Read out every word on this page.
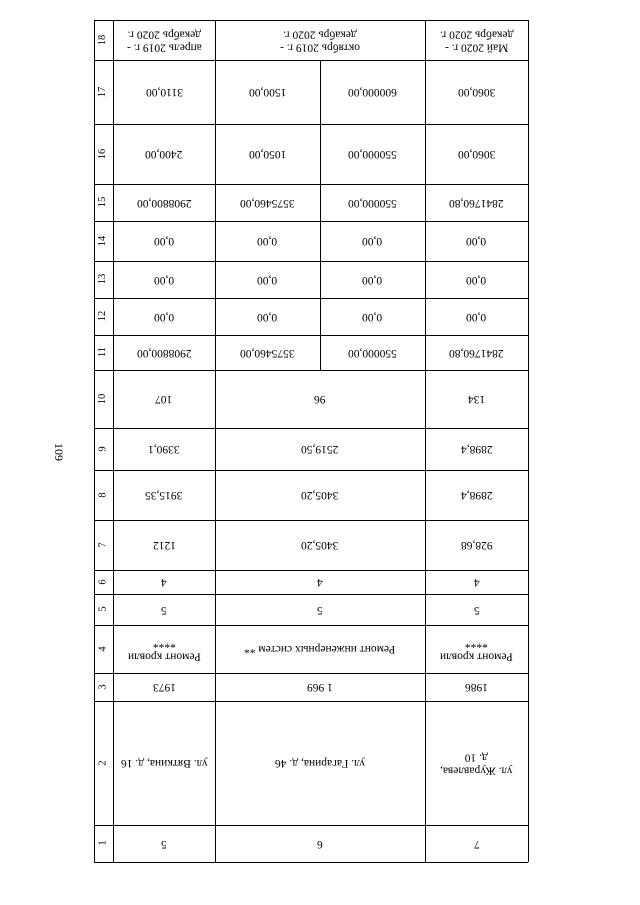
109
1
2
3
4
5
6
7
8
9
10
11
12
13
14
15
16
17
18
5
ул. Вяткина, д. 16
1973
Ремонт кровли
****
5
4
1212
3915,35
3390,1
107
апрель 2019 г. -
декабрь 2020 г.
2908800,00
0,00
0,00
0,00
2908800,00
2400,00
3110,00
6
ул. Гагарина, д. 46
1 969
Ремонт инженерных систем **
5
4
3405,20
3405,20
2519,50
96
октябрь 2019 г. -
декабрь 2020 г.
3575460,00
0,00
0,00
0,00
3575460,00
1050,00
1500,00
550000,00
0,00
0,00
0,00
550000,00
550000,00
600000,00
7
ул. Журавлева,
д. 10
1986
Ремонт кровли
****
5
4
928,68
2898,4
2898,4
134
Май 2020 г. -
декабрь 2020 г.
2841760,80
0,00
0,00
0,00
2841760,80
3060,00
3060,00
